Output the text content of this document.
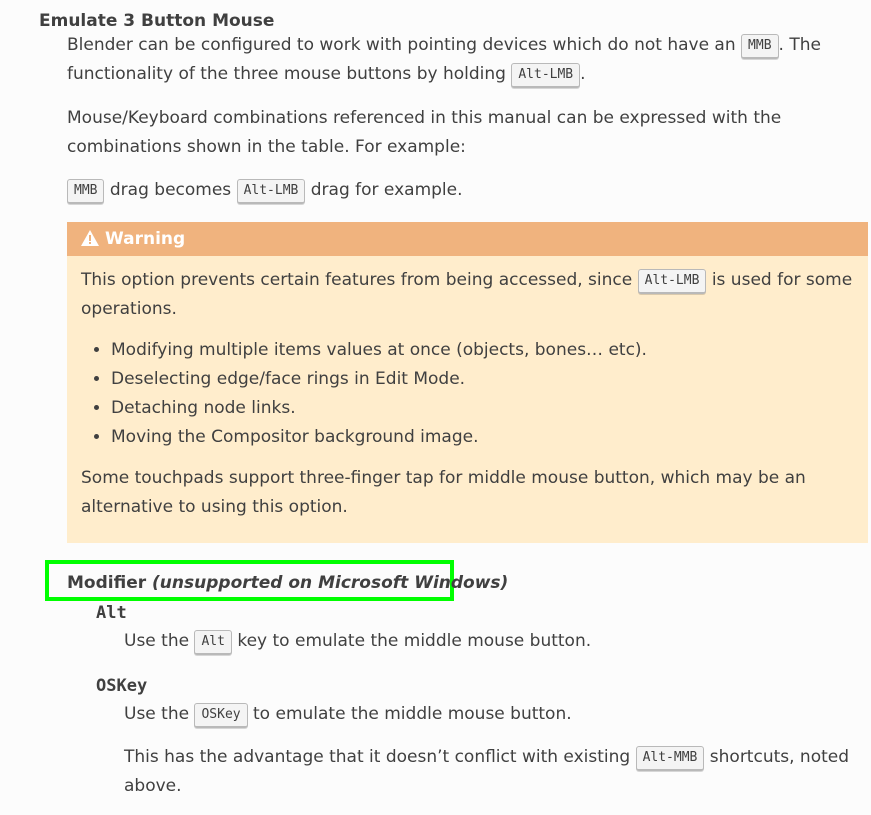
Emulate 3 Button Mouse

Blender can be configured to work with pointing devices which do not have an MMB . The functionality of the three mouse buttons by holding Alt-LMB .

Mouse/Keyboard combinations referenced in this manual can be expressed with the combinations shown in the table. For example:

MMB drag becomes Alt-LMB drag for example.

Warning

This option prevents certain features from being accessed, since Alt-LMB is used for some operations.

• Modifying multiple items values at once (objects, bones… etc).
• Deselecting edge/face rings in Edit Mode.
• Detaching node links.
• Moving the Compositor background image.

Some touchpads support three-finger tap for middle mouse button, which may be an alternative to using this option.

Modifier (unsupported on Microsoft Windows)
Alt

Use the Alt key to emulate the middle mouse button.

OSKey

Use the OSKey to emulate the middle mouse button.

This has the advantage that it doesn’t conflict with existing Alt-MMB shortcuts, noted above.
